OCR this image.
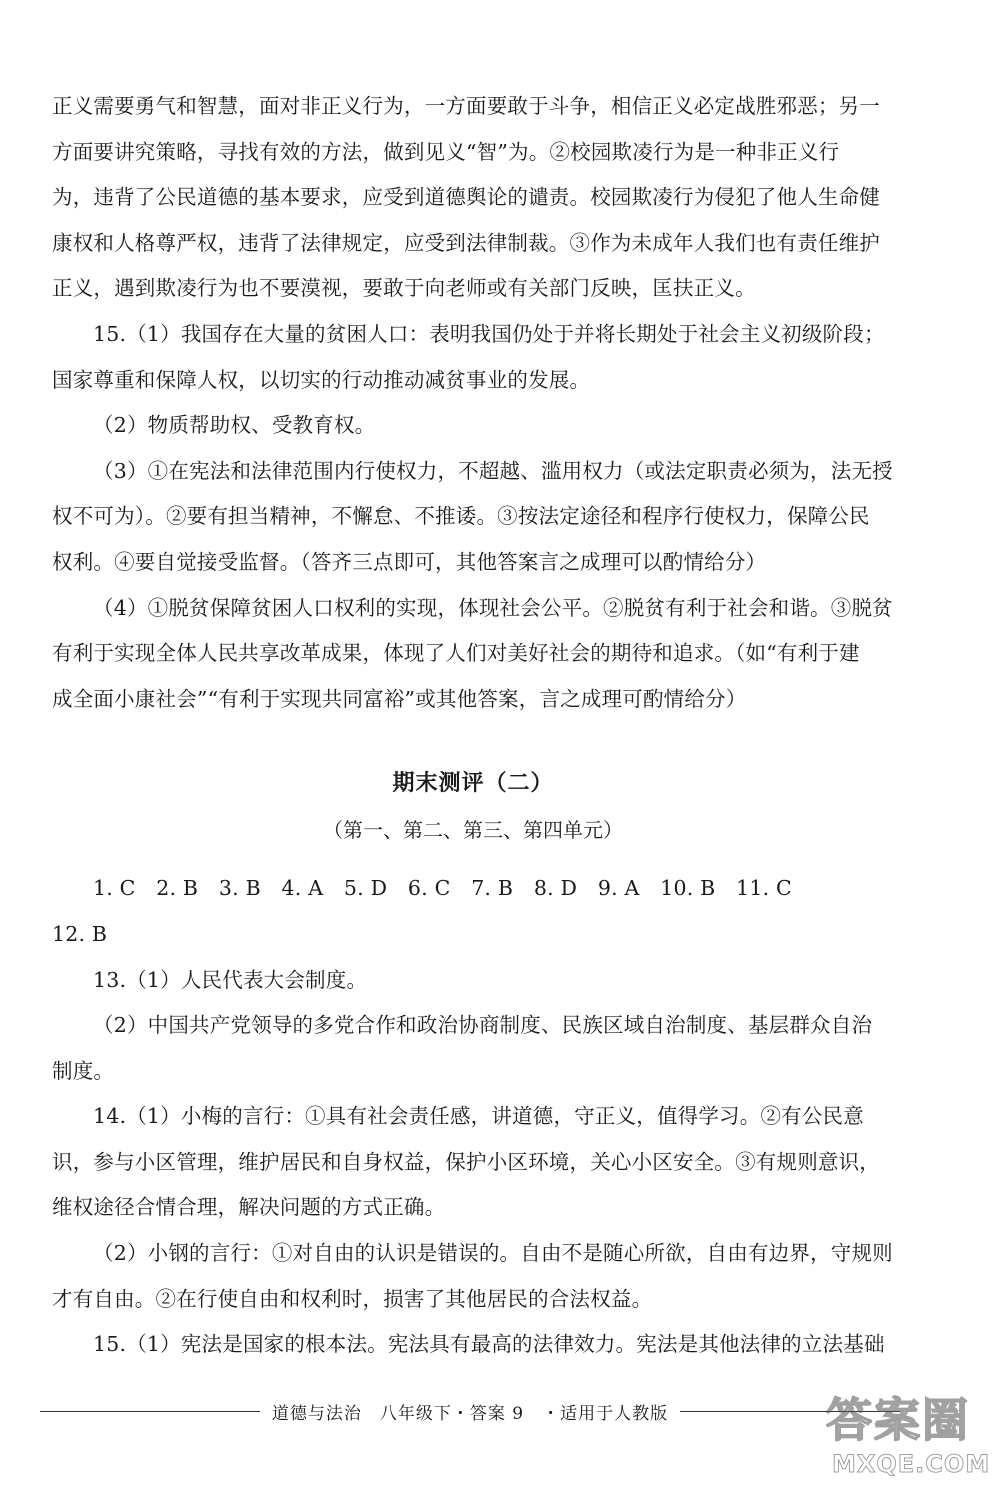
正义需要勇气和智慧，面对非正义行为，一方面要敢于斗争，相信正义必定战胜邪恶；另一
方面要讲究策略，寻找有效的方法，做到见义“智”为。②校园欺凌行为是一种非正义行
为，违背了公民道德的基本要求，应受到道德舆论的谴责。校园欺凌行为侵犯了他人生命健
康权和人格尊严权，违背了法律规定，应受到法律制裁。③作为未成年人我们也有责任维护
正义，遇到欺凌行为也不要漠视，要敢于向老师或有关部门反映，匡扶正义。
15.（1）我国存在大量的贫困人口：表明我国仍处于并将长期处于社会主义初级阶段；
国家尊重和保障人权，以切实的行动推动减贫事业的发展。
（2）物质帮助权、受教育权。
（3）①在宪法和法律范围内行使权力，不超越、滥用权力（或法定职责必须为，法无授
权不可为）。②要有担当精神，不懈怠、不推诿。③按法定途径和程序行使权力，保障公民
权利。④要自觉接受监督。（答齐三点即可，其他答案言之成理可以酌情给分）
（4）①脱贫保障贫困人口权利的实现，体现社会公平。②脱贫有利于社会和谐。③脱贫
有利于实现全体人民共享改革成果，体现了人们对美好社会的期待和追求。（如“有利于建
成全面小康社会”“有利于实现共同富裕”或其他答案，言之成理可酌情给分）
期末测评（二）
（第一、第二、第三、第四单元）
1. C　2. B　3. B　4. A　5. D　6. C　7. B　8. D　9. A　10. B　11. C
12. B
13.（1）人民代表大会制度。
（2）中国共产党领导的多党合作和政治协商制度、民族区域自治制度、基层群众自治
制度。
14.（1）小梅的言行：①具有社会责任感，讲道德，守正义，值得学习。②有公民意
识，参与小区管理，维护居民和自身权益，保护小区环境，关心小区安全。③有规则意识，
维权途径合情合理，解决问题的方式正确。
（2）小钢的言行：①对自由的认识是错误的。自由不是随心所欲，自由有边界，守规则
才有自由。②在行使自由和权利时，损害了其他居民的合法权益。
15.（1）宪法是国家的根本法。宪法具有最高的法律效力。宪法是其他法律的立法基础
道德与法治　八年级下・答案 9　・适用于人教版	答案圈
MXQE.COM
